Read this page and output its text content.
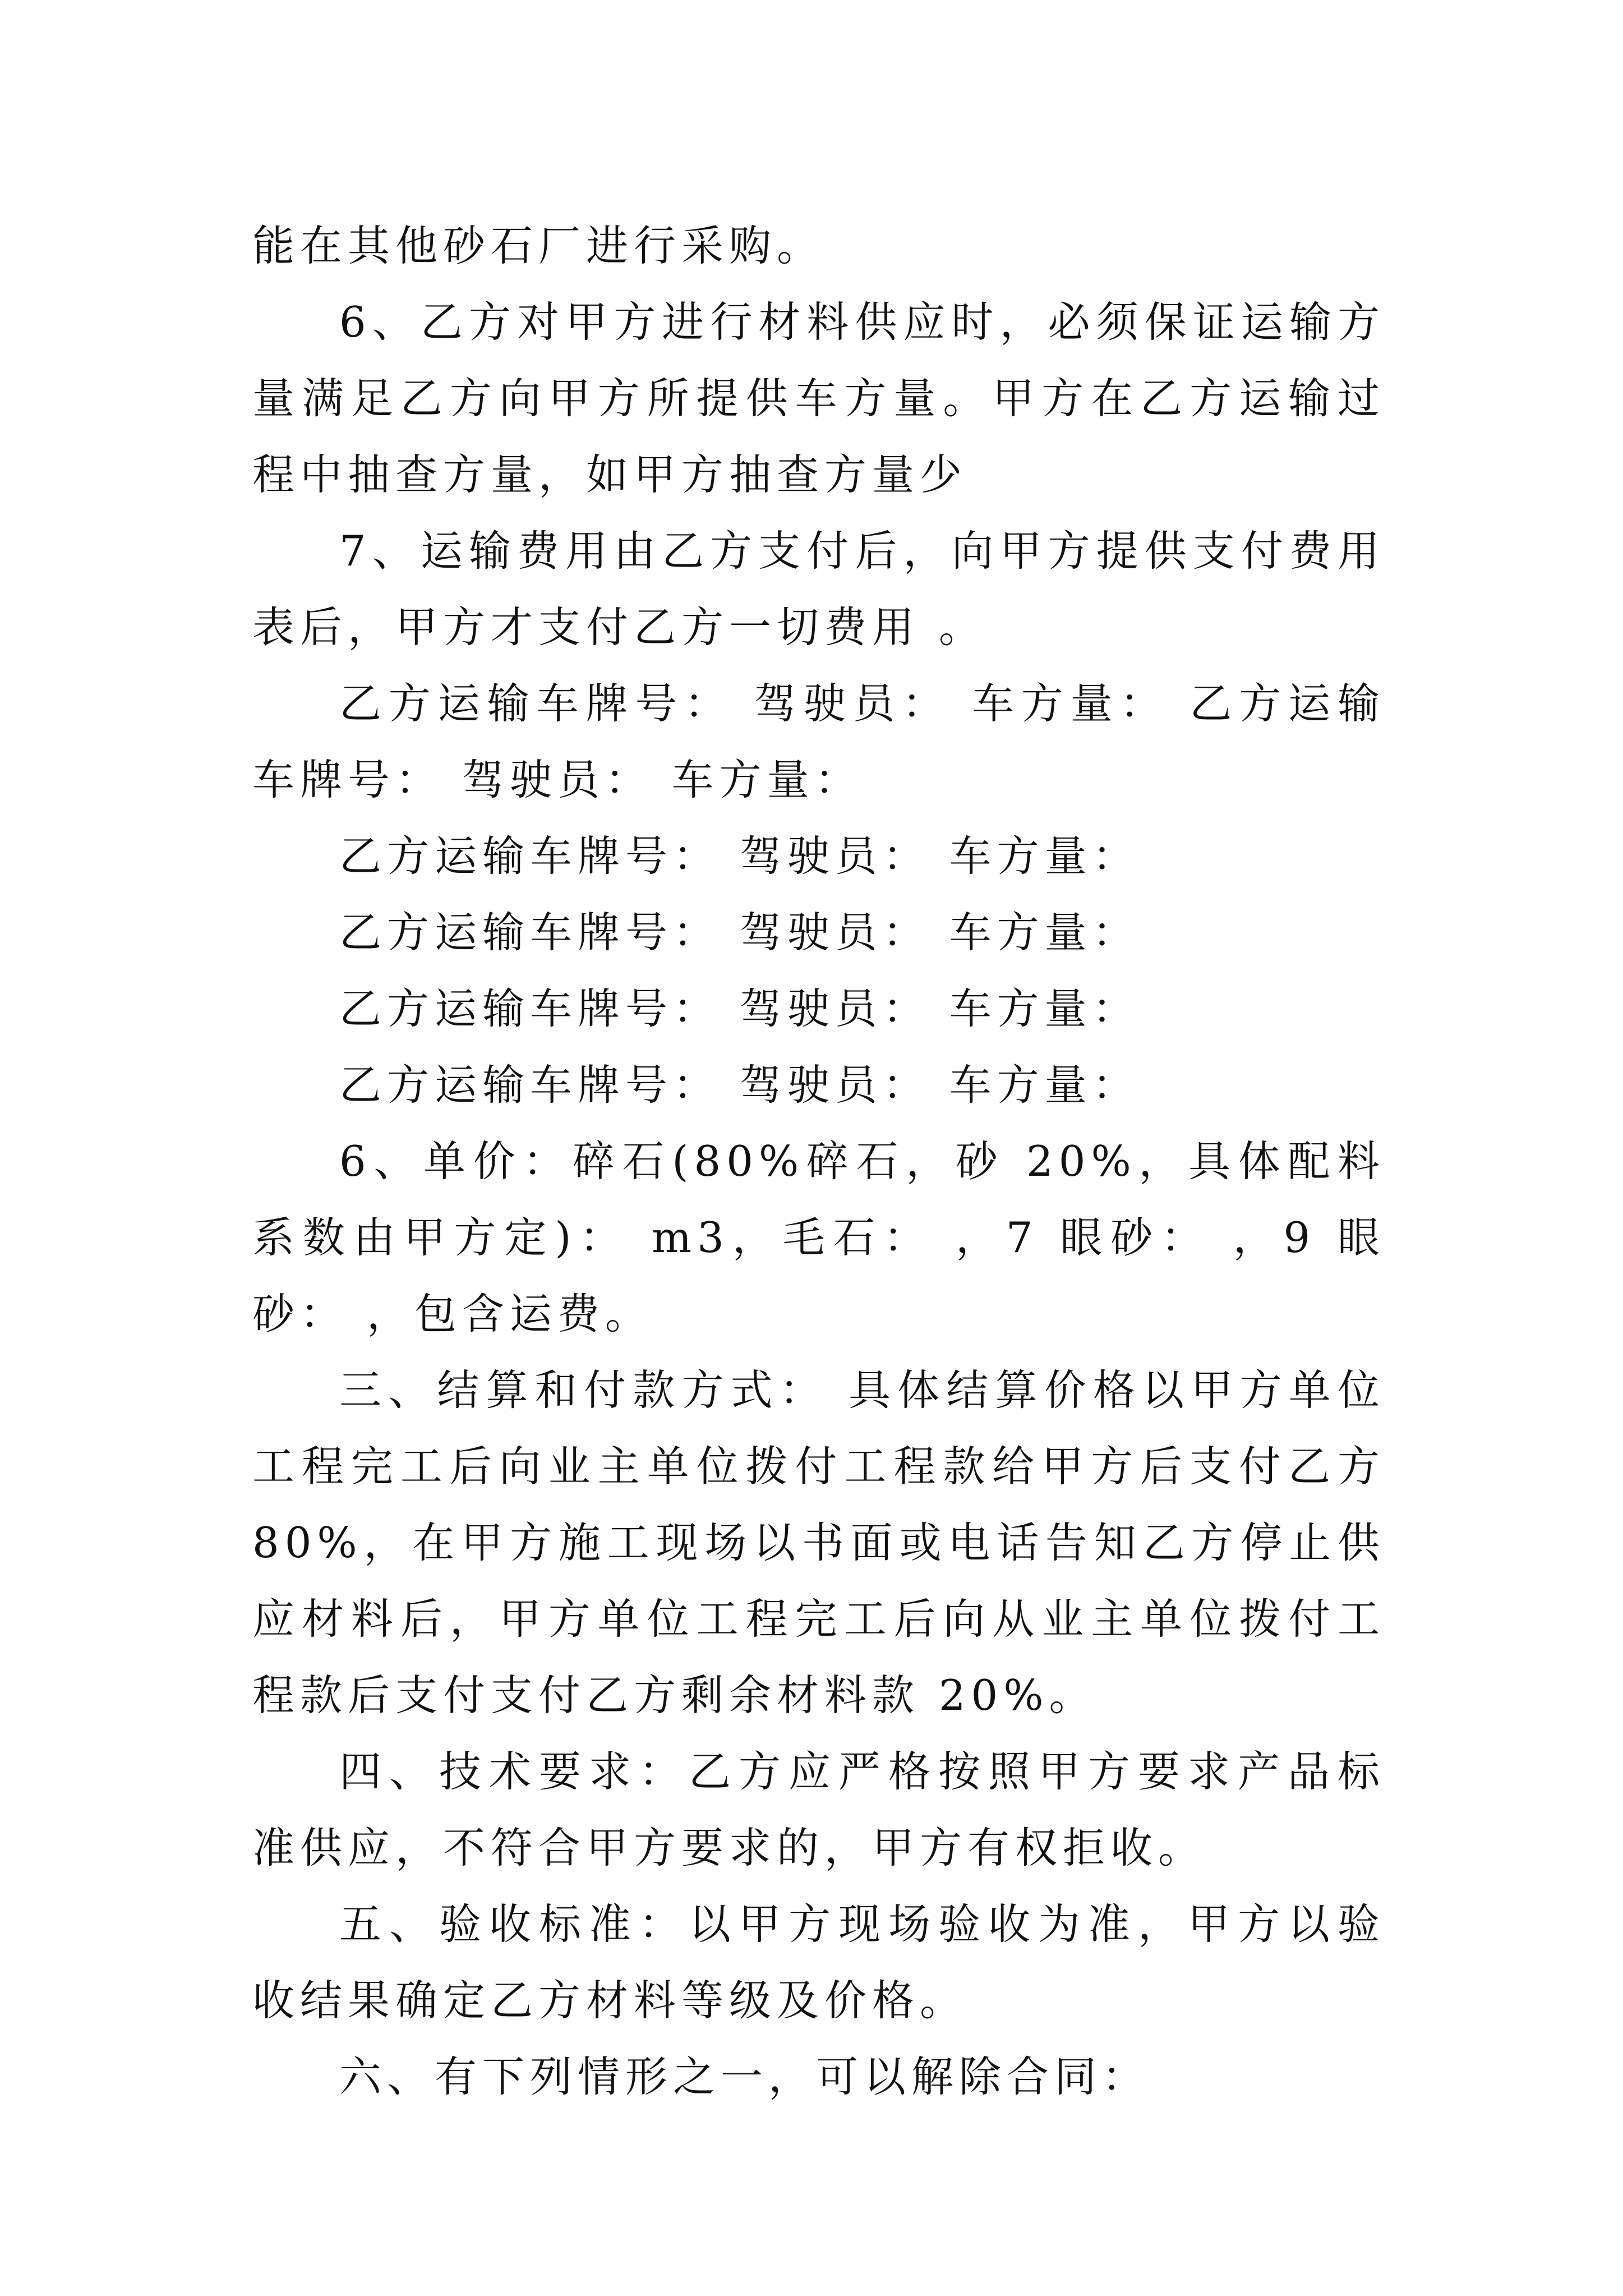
能在其他砂石厂进行采购。

6、乙方对甲方进行材料供应时，必须保证运输方量满足乙方向甲方所提供车方量。甲方在乙方运输过程中抽查方量，如甲方抽查方量少

7、运输费用由乙方支付后，向甲方提供支付费用表后，甲方才支付乙方一切费用 。

乙方运输车牌号： 驾驶员： 车方量： 乙方运输车牌号： 驾驶员： 车方量：

乙方运输车牌号： 驾驶员： 车方量：

乙方运输车牌号： 驾驶员： 车方量：

乙方运输车牌号： 驾驶员： 车方量：

乙方运输车牌号： 驾驶员： 车方量：

6、单价：碎石(80%碎石，砂 20%，具体配料系数由甲方定)： m3，毛石： ，7 眼砂： ，9 眼砂： ，包含运费。

三、结算和付款方式： 具体结算价格以甲方单位工程完工后向业主单位拨付工程款给甲方后支付乙方 80%，在甲方施工现场以书面或电话告知乙方停止供应材料后，甲方单位工程完工后向从业主单位拨付工程款后支付支付乙方剩余材料款 20%。

四、技术要求：乙方应严格按照甲方要求产品标准供应，不符合甲方要求的，甲方有权拒收。

五、验收标准：以甲方现场验收为准，甲方以验收结果确定乙方材料等级及价格。

六、有下列情形之一，可以解除合同：
